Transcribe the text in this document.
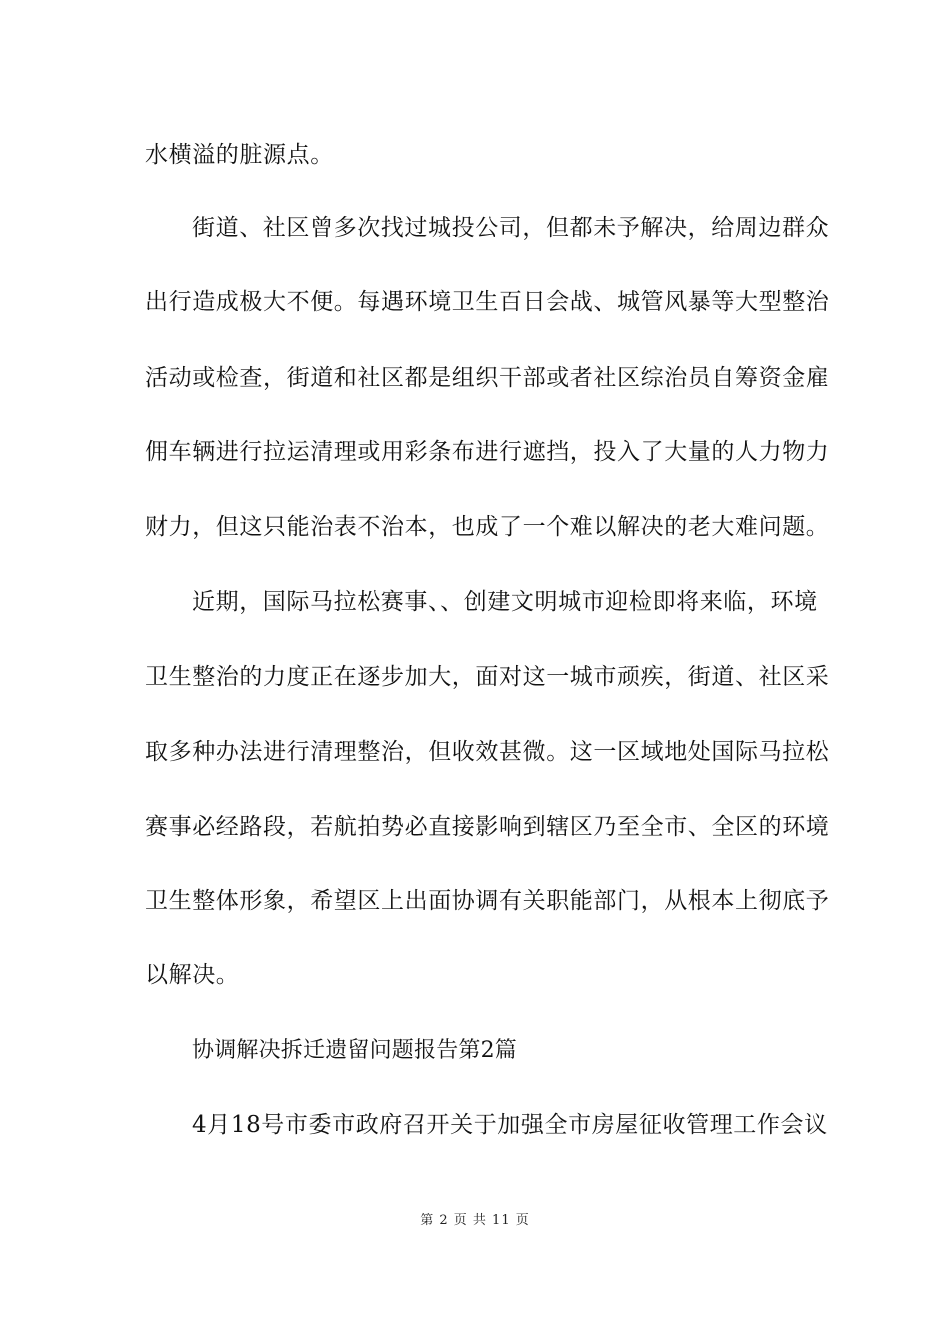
水横溢的脏源点。
街道、社区曾多次找过城投公司，但都未予解决，给周边群众
出行造成极大不便。每遇环境卫生百日会战、城管风暴等大型整治
活动或检查，街道和社区都是组织干部或者社区综治员自筹资金雇
佣车辆进行拉运清理或用彩条布进行遮挡，投入了大量的人力物力
财力，但这只能治表不治本，也成了一个难以解决的老大难问题。
近期，国际马拉松赛事、、创建文明城市迎检即将来临，环境
卫生整治的力度正在逐步加大，面对这一城市顽疾，街道、社区采
取多种办法进行清理整治，但收效甚微。这一区域地处国际马拉松
赛事必经路段，若航拍势必直接影响到辖区乃至全市、全区的环境
卫生整体形象，希望区上出面协调有关职能部门，从根本上彻底予
以解决。
协调解决拆迁遗留问题报告第2篇
4月18号市委市政府召开关于加强全市房屋征收管理工作会议
第 2 页 共 11 页
